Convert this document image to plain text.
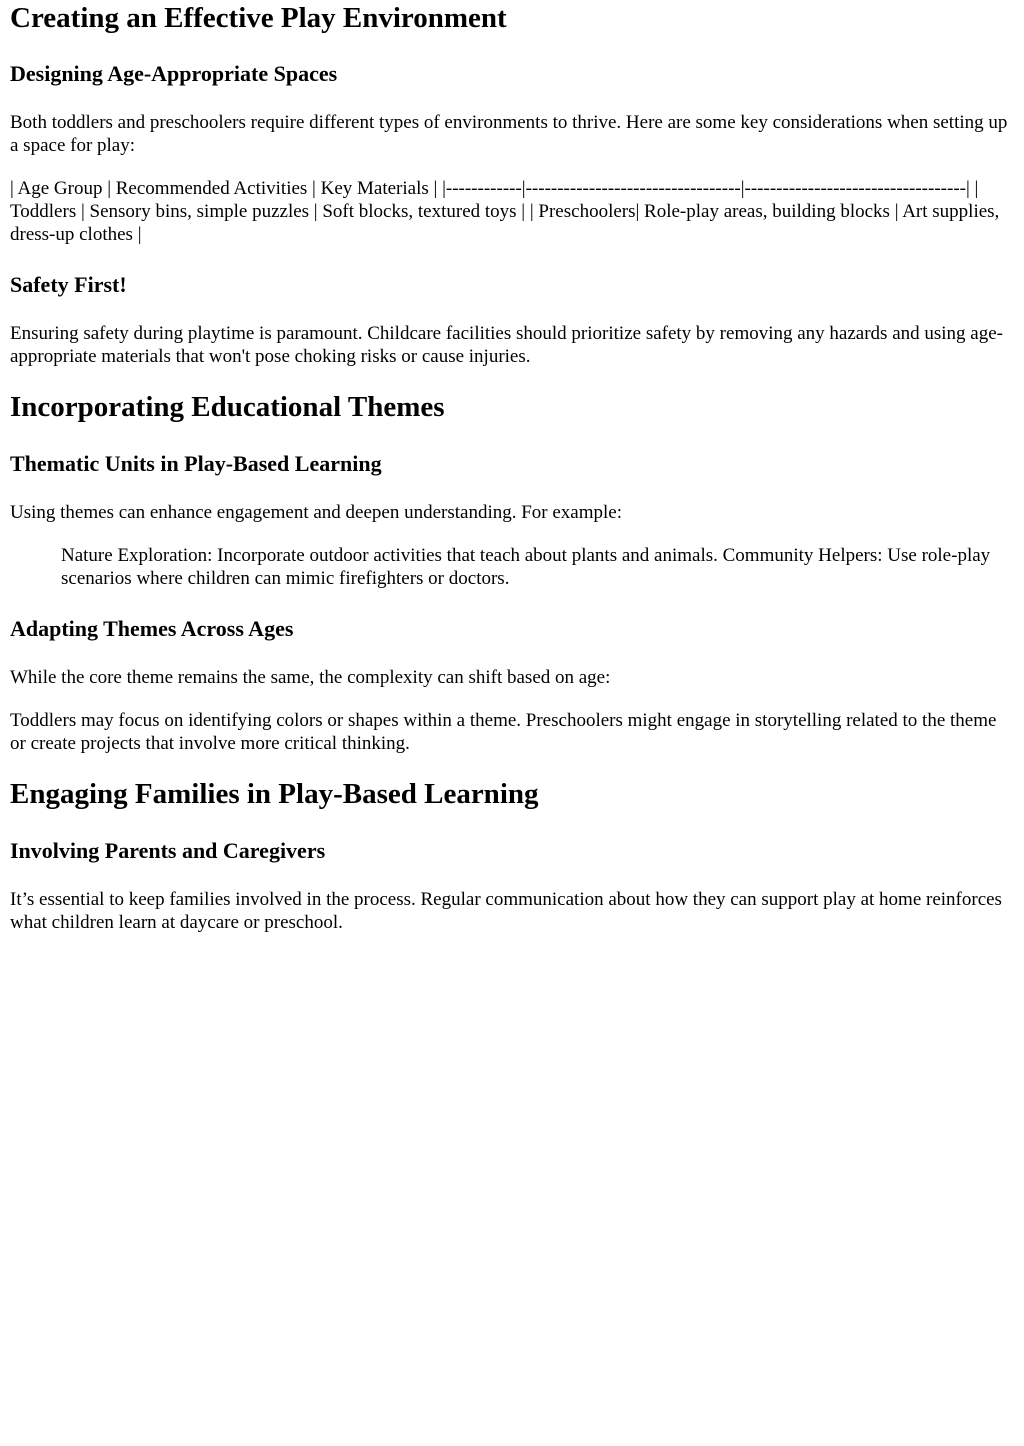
Creating an Effective Play Environment
Designing Age-Appropriate Spaces

Both toddlers and preschoolers require different types of environments to thrive. Here are some key considerations when setting up a space for play:

| Age Group | Recommended Activities | Key Materials | |------------|----------------------------------|-----------------------------------| | Toddlers | Sensory bins, simple puzzles | Soft blocks, textured toys | | Preschoolers| Role-play areas, building blocks | Art supplies, dress-up clothes |

Safety First!

Ensuring safety during playtime is paramount. Childcare facilities should prioritize safety by removing any hazards and using age-appropriate materials that won't pose choking risks or cause injuries.

Incorporating Educational Themes
Thematic Units in Play-Based Learning

Using themes can enhance engagement and deepen understanding. For example:

Nature Exploration: Incorporate outdoor activities that teach about plants and animals. Community Helpers: Use role-play scenarios where children can mimic firefighters or doctors.
Adapting Themes Across Ages

While the core theme remains the same, the complexity can shift based on age:

Toddlers may focus on identifying colors or shapes within a theme. Preschoolers might engage in storytelling related to the theme or create projects that involve more critical thinking.

Engaging Families in Play-Based Learning
Involving Parents and Caregivers

It’s essential to keep families involved in the process. Regular communication about how they can support play at home reinforces what children learn at daycare or preschool.
